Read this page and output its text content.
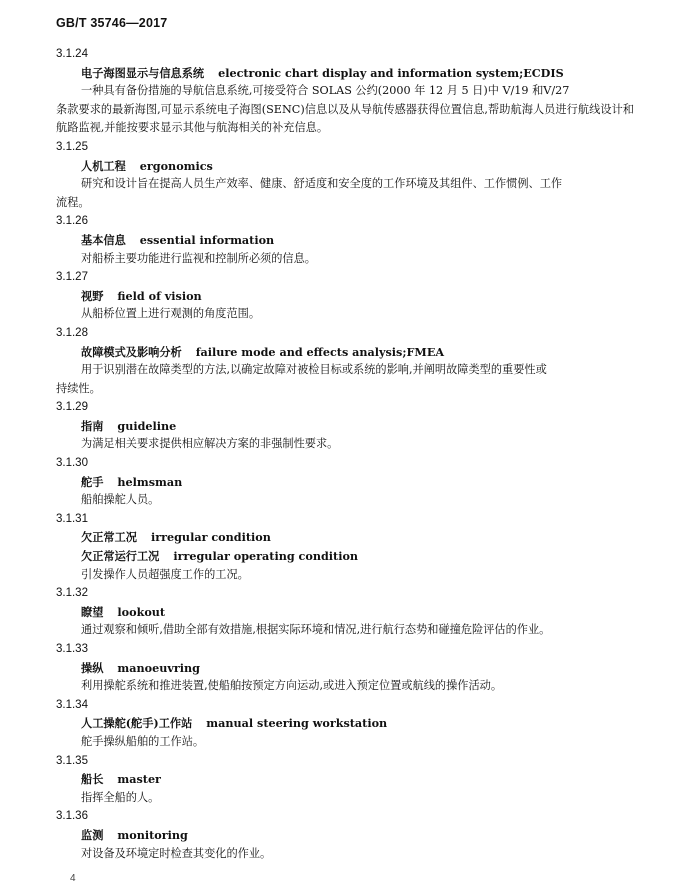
GB/T 35746—2017
3.1.24
电子海图显示与信息系统 electronic chart display and information system;ECDIS
一种具有备份措施的导航信息系统,可接受符合 SOLAS 公约(2000 年 12 月 5 日)中 V/19 和V/27
条款要求的最新海图,可显示系统电子海图(SENC)信息以及从导航传感器获得位置信息,帮助航海人员进行航线设计和航路监视,并能按要求显示其他与航海相关的补充信息。
3.1.25
人机工程 ergonomics
研究和设计旨在提高人员生产效率、健康、舒适度和安全度的工作环境及其组件、工作惯例、工作
流程。
3.1.26
基本信息 essential information
对船桥主要功能进行监视和控制所必须的信息。
3.1.27
视野 field of vision
从船桥位置上进行观测的角度范围。
3.1.28
故障模式及影响分析 failure mode and effects analysis;FMEA
用于识别潜在故障类型的方法,以确定故障对被检目标或系统的影响,并阐明故障类型的重要性或
持续性。
3.1.29
指南 guideline
为满足相关要求提供相应解决方案的非强制性要求。
3.1.30
舵手 helmsman
船舶操舵人员。
3.1.31
欠正常工况 irregular condition
欠正常运行工况 irregular operating condition
引发操作人员超强度工作的工况。
3.1.32
瞭望 lookout
通过观察和倾听,借助全部有效措施,根据实际环境和情况,进行航行态势和碰撞危险评估的作业。
3.1.33
操纵 manoeuvring
利用操舵系统和推进装置,使船舶按预定方向运动,或进入预定位置或航线的操作活动。
3.1.34
人工操舵(舵手)工作站 manual steering workstation
舵手操纵船舶的工作站。
3.1.35
船长 master
指挥全船的人。
3.1.36
监测 monitoring
对设备及环境定时检查其变化的作业。
4
